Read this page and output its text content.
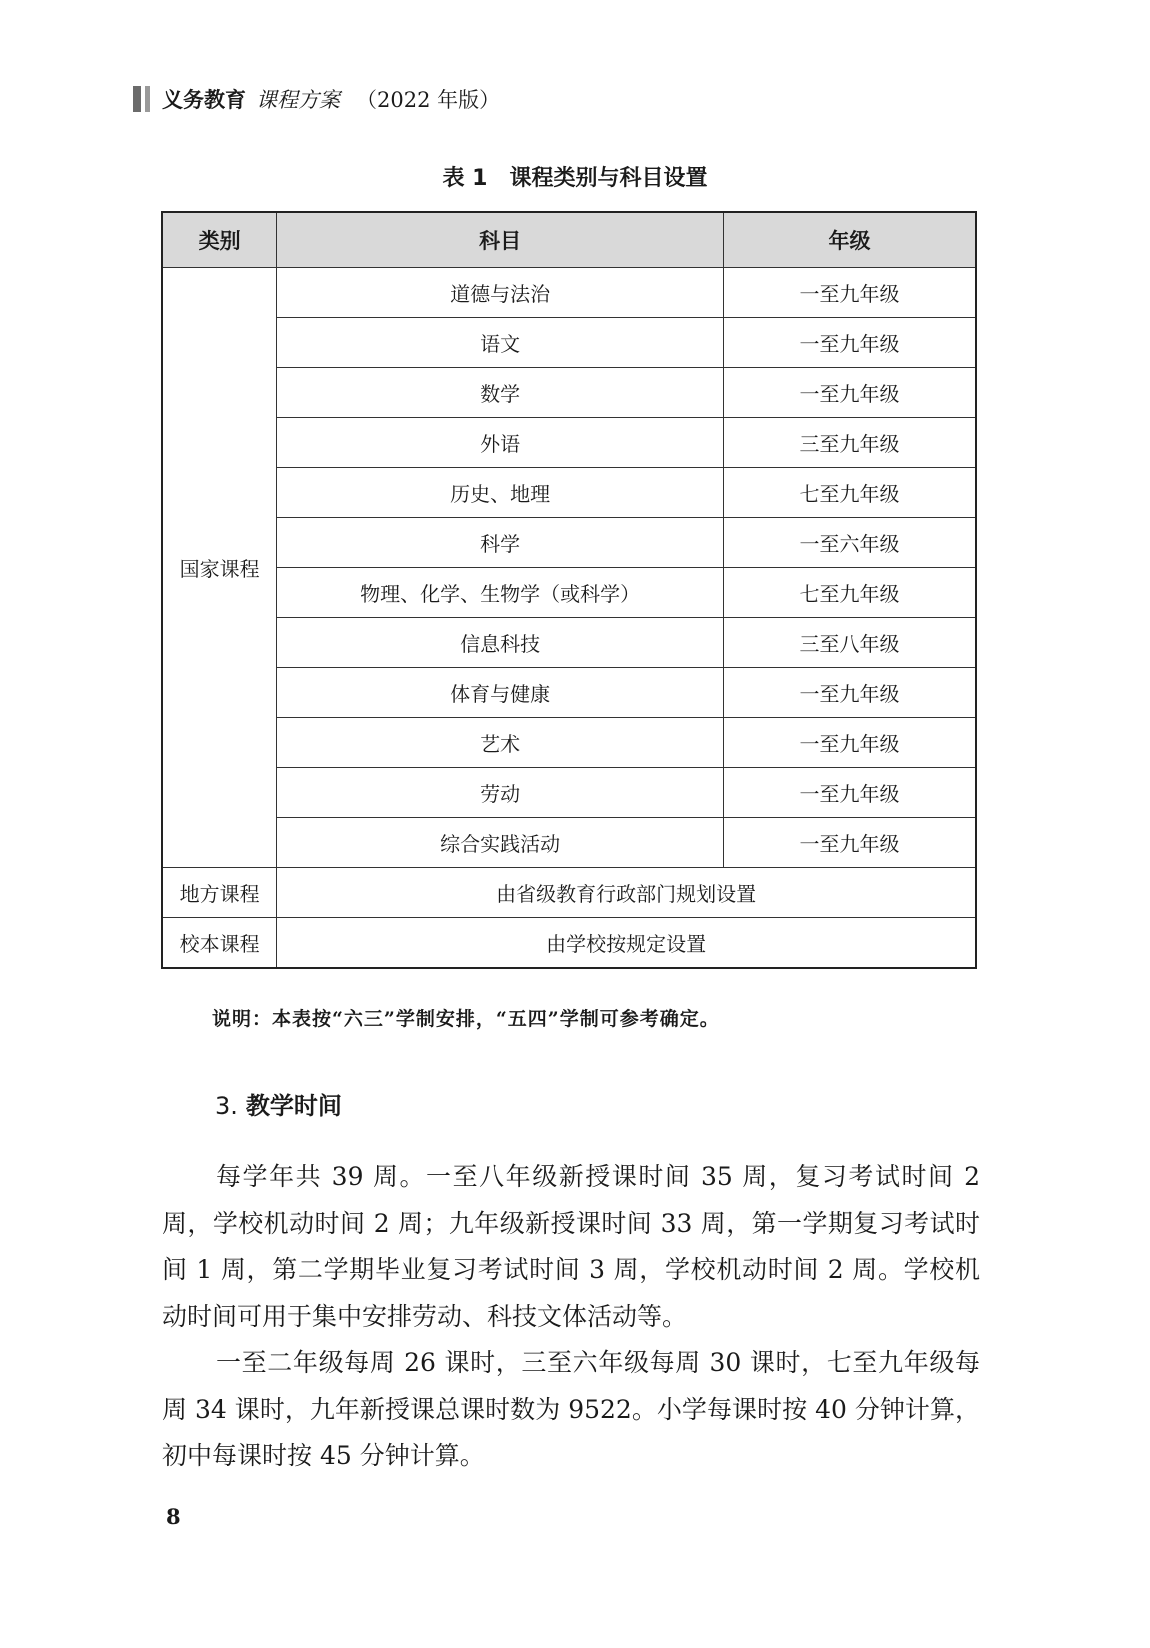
义务教育 课程方案 （2022 年版）
表 1 课程类别与科目设置
类别	科目	年级
国家课程	道德与法治	一至九年级
	语文	一至九年级
	数学	一至九年级
	外语	三至九年级
	历史、地理	七至九年级
	科学	一至六年级
	物理、化学、生物学（或科学）	七至九年级
	信息科技	三至八年级
	体育与健康	一至九年级
	艺术	一至九年级
	劳动	一至九年级
	综合实践活动	一至九年级
地方课程	由省级教育行政部门规划设置	
校本课程	由学校按规定设置	
说明：本表按“六三”学制安排，“五四”学制可参考确定。
3. 教学时间

每学年共 39 周。一至八年级新授课时间 35 周，复习考试时间 2 周，学校机动时间 2 周；九年级新授课时间 33 周，第一学期复习考试时间 1 周，第二学期毕业复习考试时间 3 周，学校机动时间 2 周。学校机动时间可用于集中安排劳动、科技文体活动等。

一至二年级每周 26 课时，三至六年级每周 30 课时，七至九年级每周 34 课时，九年新授课总课时数为 9522。小学每课时按 40 分钟计算，初中每课时按 45 分钟计算。

8
